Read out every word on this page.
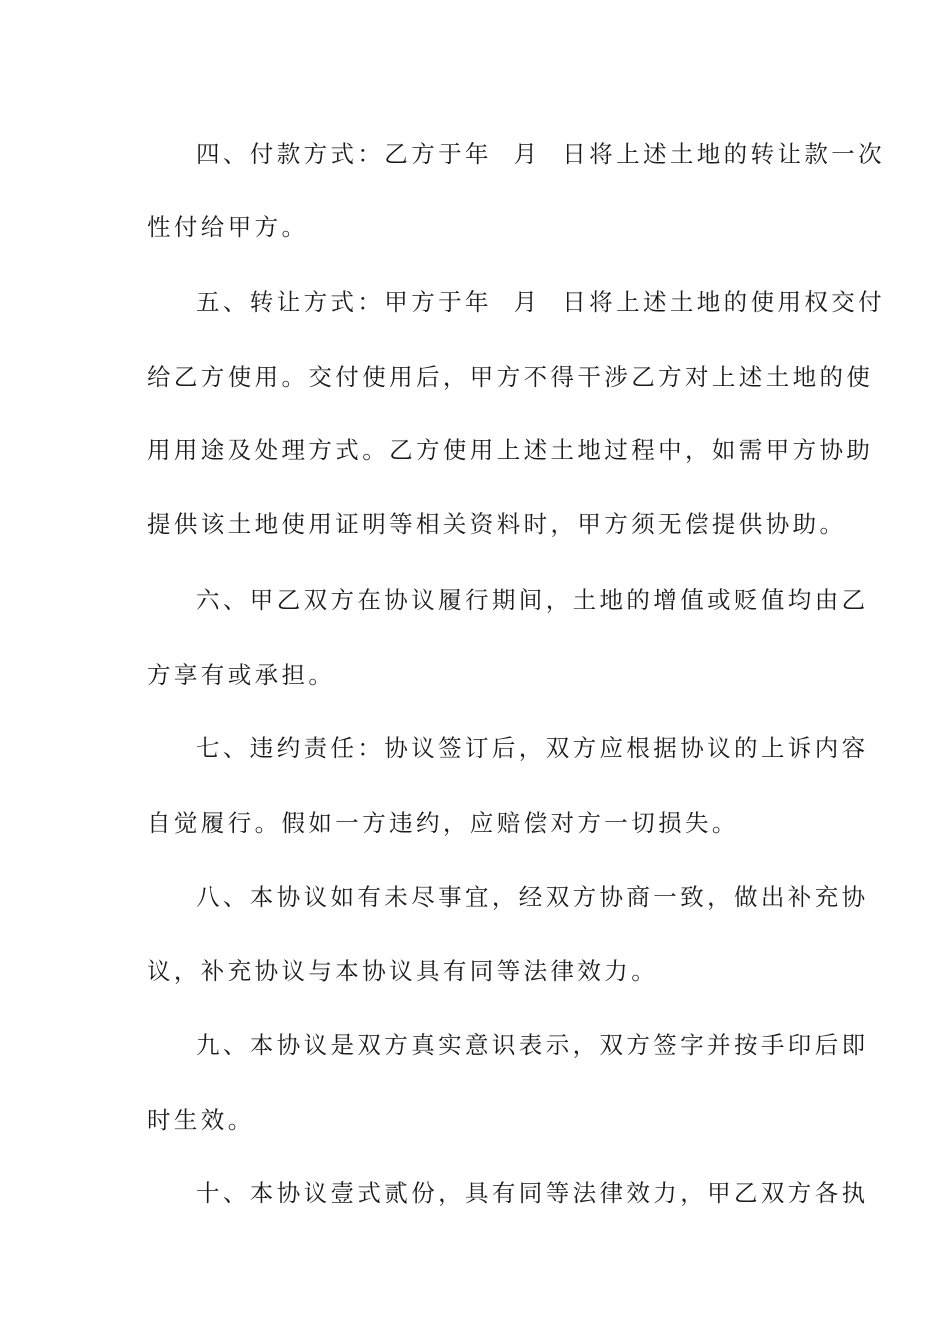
四、付款方式：乙方于年  月  日将上述土地的转让款一次
性付给甲方。
五、转让方式：甲方于年  月  日将上述土地的使用权交付
给乙方使用。交付使用后，甲方不得干涉乙方对上述土地的使
用用途及处理方式。乙方使用上述土地过程中，如需甲方协助
提供该土地使用证明等相关资料时，甲方须无偿提供协助。
六、甲乙双方在协议履行期间，土地的增值或贬值均由乙
方享有或承担。
七、违约责任：协议签订后，双方应根据协议的上诉内容
自觉履行。假如一方违约，应赔偿对方一切损失。
八、本协议如有未尽事宜，经双方协商一致，做出补充协
议，补充协议与本协议具有同等法律效力。
九、本协议是双方真实意识表示，双方签字并按手印后即
时生效。
十、本协议壹式贰份，具有同等法律效力，甲乙双方各执
